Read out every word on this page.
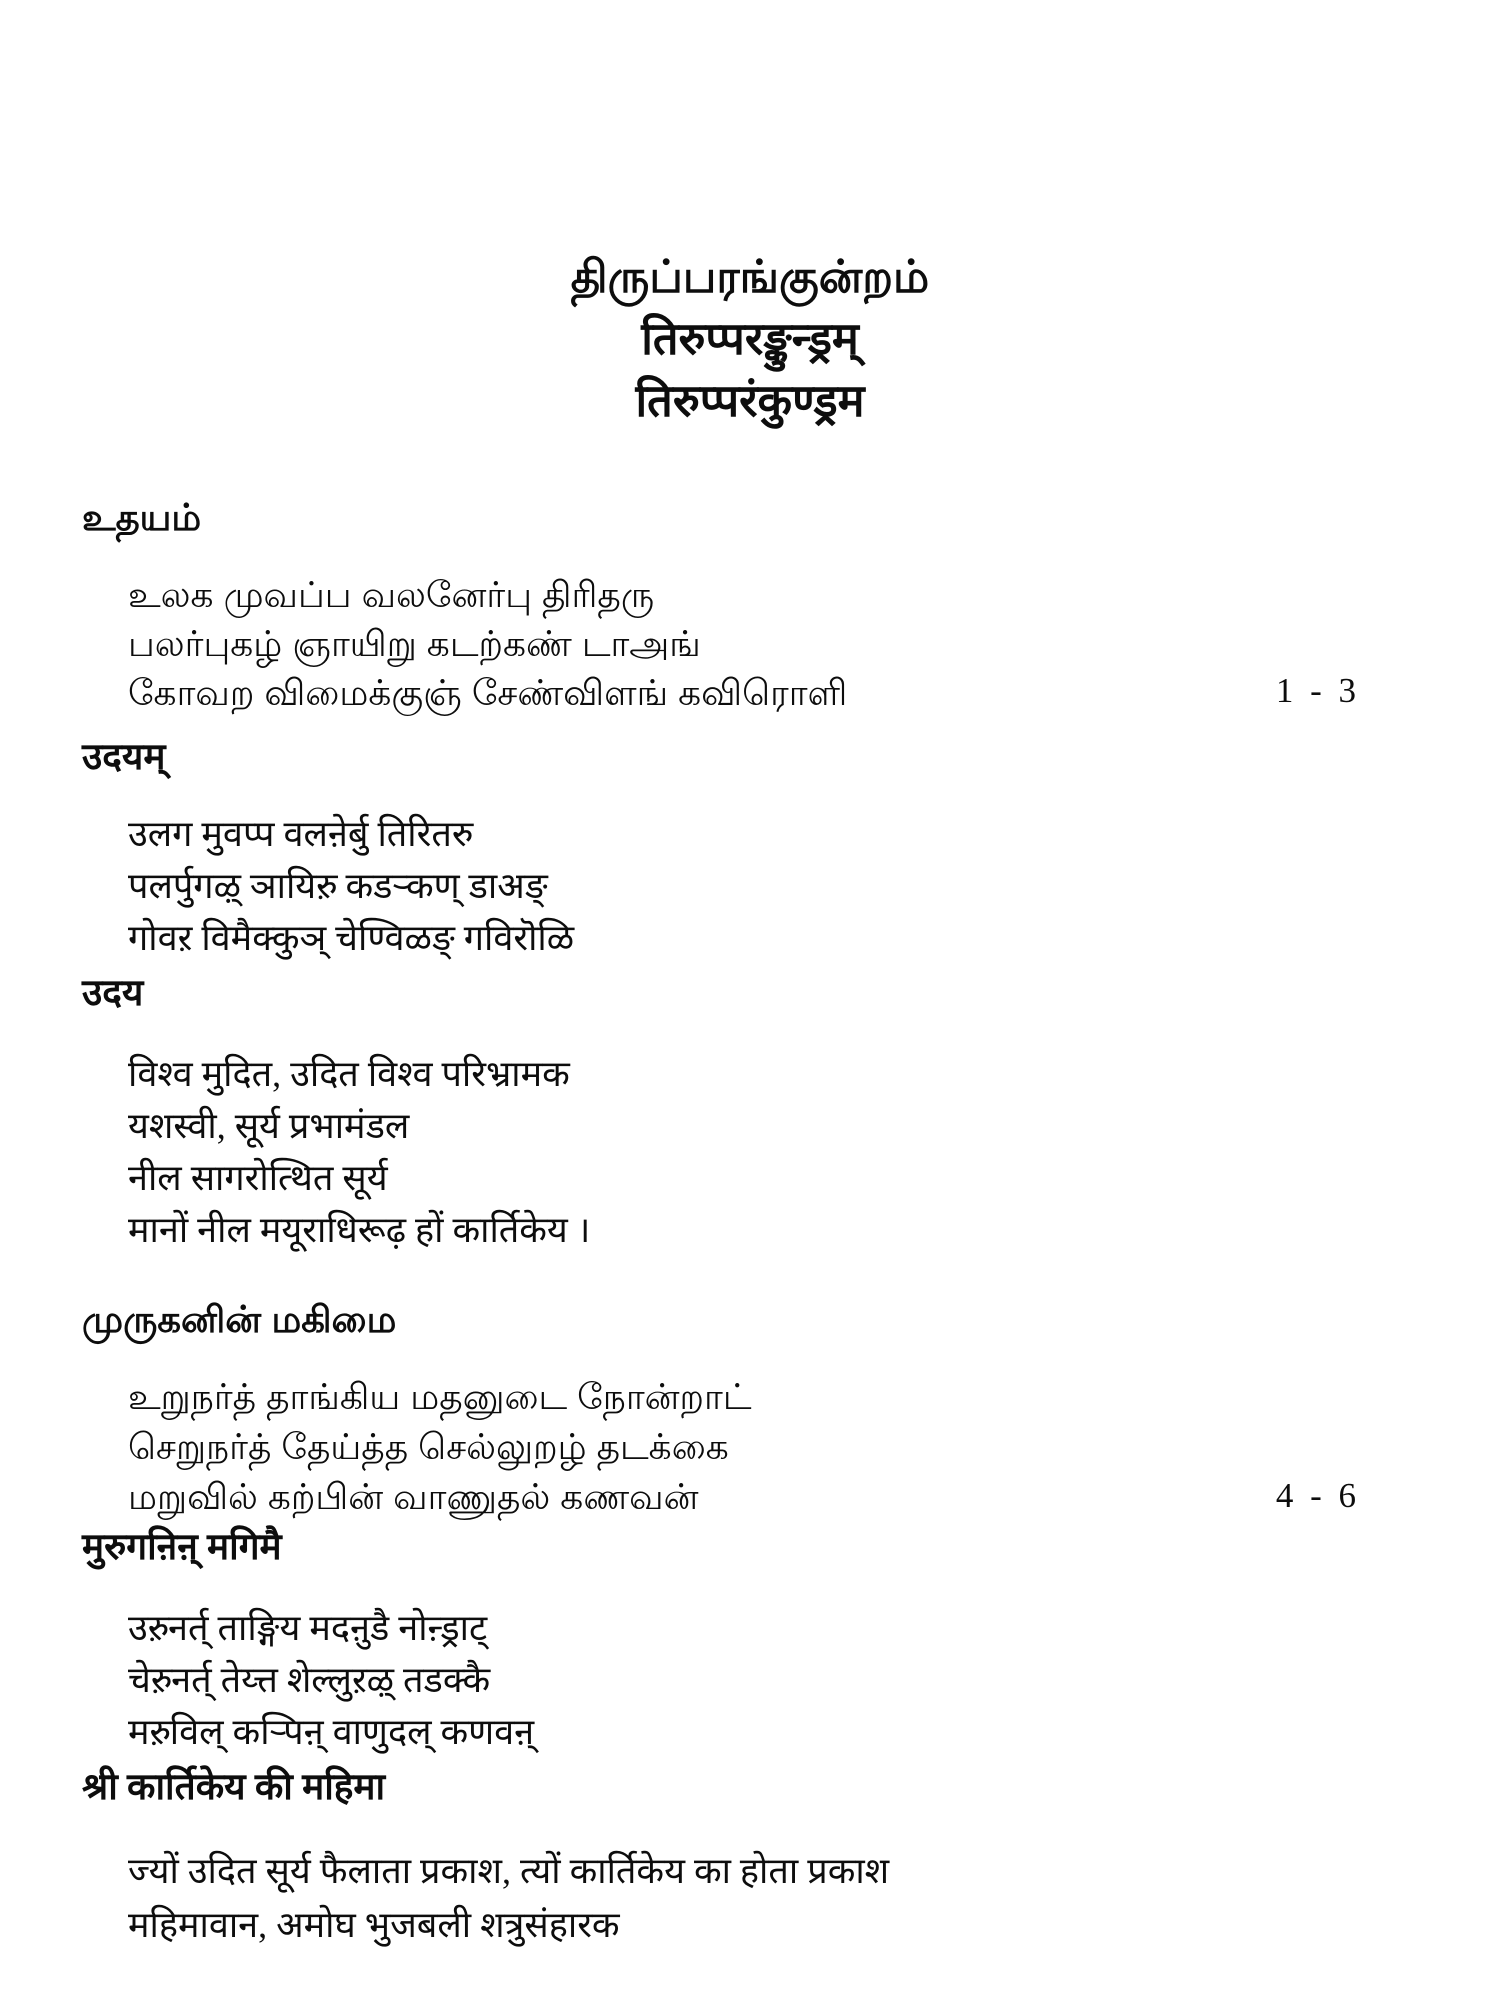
திருப்பரங்குன்றம்
तिरुप्परङ्कुन्ड्रम्
तिरुप्परंकुण्ड्रम
உதயம்
உலக முவப்ப வலனேர்பு திரிதரு
பலர்புகழ் ஞாயிறு கடற்கண் டாஅங்
கோவற விமைக்குஞ் சேண்விளங் கவிரொளி	1 - 3
उदयम्
उलग मुवप्प वलऩेर्बु तिरितरु
पलर्पुगऴ् ञायिऱु कडऱ्कण् डाअङ्
गोवऱ विमैक्कुञ् चेण्विळङ् गविरॊळि
उदय
विश्व मुदित, उदित विश्व परिभ्रामक
यशस्वी, सूर्य प्रभामंडल
नील सागरोत्थित सूर्य
मानों नील मयूराधिरूढ़ हों कार्तिकेय ।
முருகனின் மகிமை
உறுநர்த் தாங்கிய மதனுடை நோன்றாட்
செறுநர்த் தேய்த்த செல்லுறழ் தடக்கை
மறுவில் கற்பின் வாணுதல் கணவன்	4 - 6
मुरुगऩिऩ् मगिमै
उऱुनर्त् ताङ्गिय मदऩुडै नोऩ्ड्राट्
चेऱुनर्त् तेय्त्त शेल्लुऱऴ् तडक्कै
मऱुविल् कऱ्पिऩ् वाणुदल् कणवऩ्
श्री कार्तिकेय की महिमा
ज्यों उदित सूर्य फैलाता प्रकाश, त्यों कार्तिकेय का होता प्रकाश
महिमावान, अमोघ भुजबली शत्रुसंहारक
